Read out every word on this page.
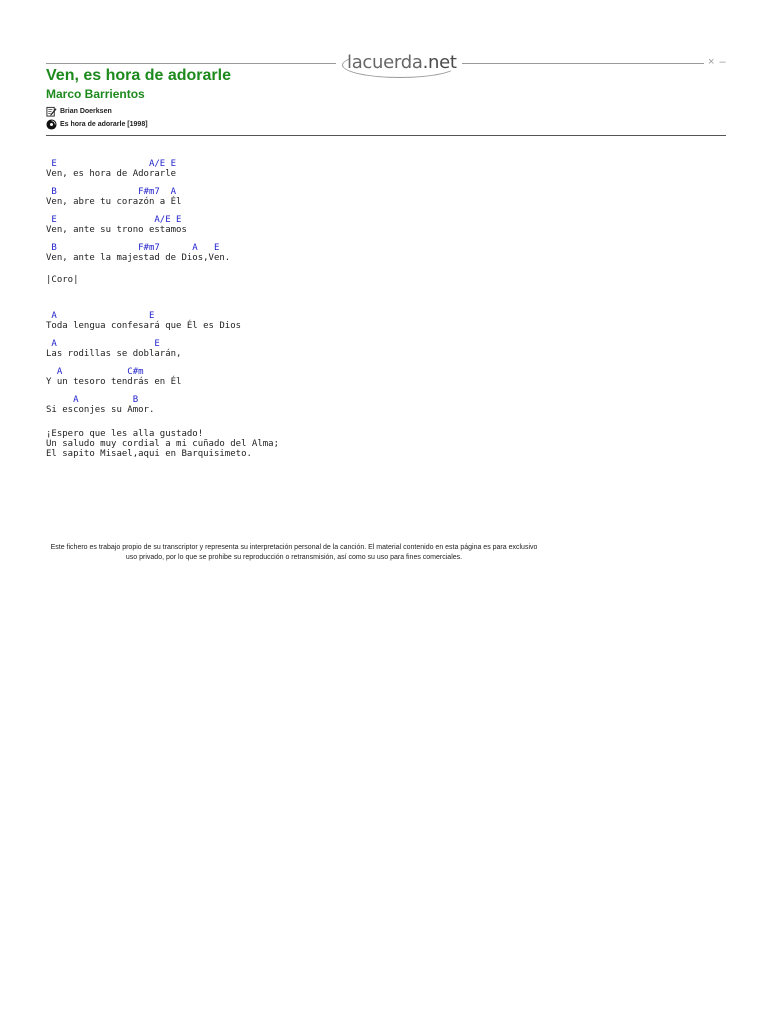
lacuerda.net	× –
Ven, es hora de adorarle
Marco Barrientos
Brian Doerksen
Es hora de adorarle [1998]
E                 A/E E
Ven, es hora de Adorarle
B               F#m7  A
Ven, abre tu corazón a Él
E                  A/E E
Ven, ante su trono estamos
B               F#m7      A   E
Ven, ante la majestad de Dios,Ven.
|Coro|
A                 E
Toda lengua confesará que Él es Dios
A                  E
Las rodillas se doblarán,
A            C#m
Y un tesoro tendrás en Él
A          B
Si esconjes su Amor.
¡Espero que les alla gustado!
Un saludo muy cordial a mi cuñado del Alma;
El sapito Misael,aqui en Barquisimeto.
Este fichero es trabajo propio de su transcriptor y representa su interpretación personal de la canción. El material contenido en esta página es para exclusivo uso privado, por lo que se prohibe su reproducción o retransmisión, así como su uso para fines comerciales.
